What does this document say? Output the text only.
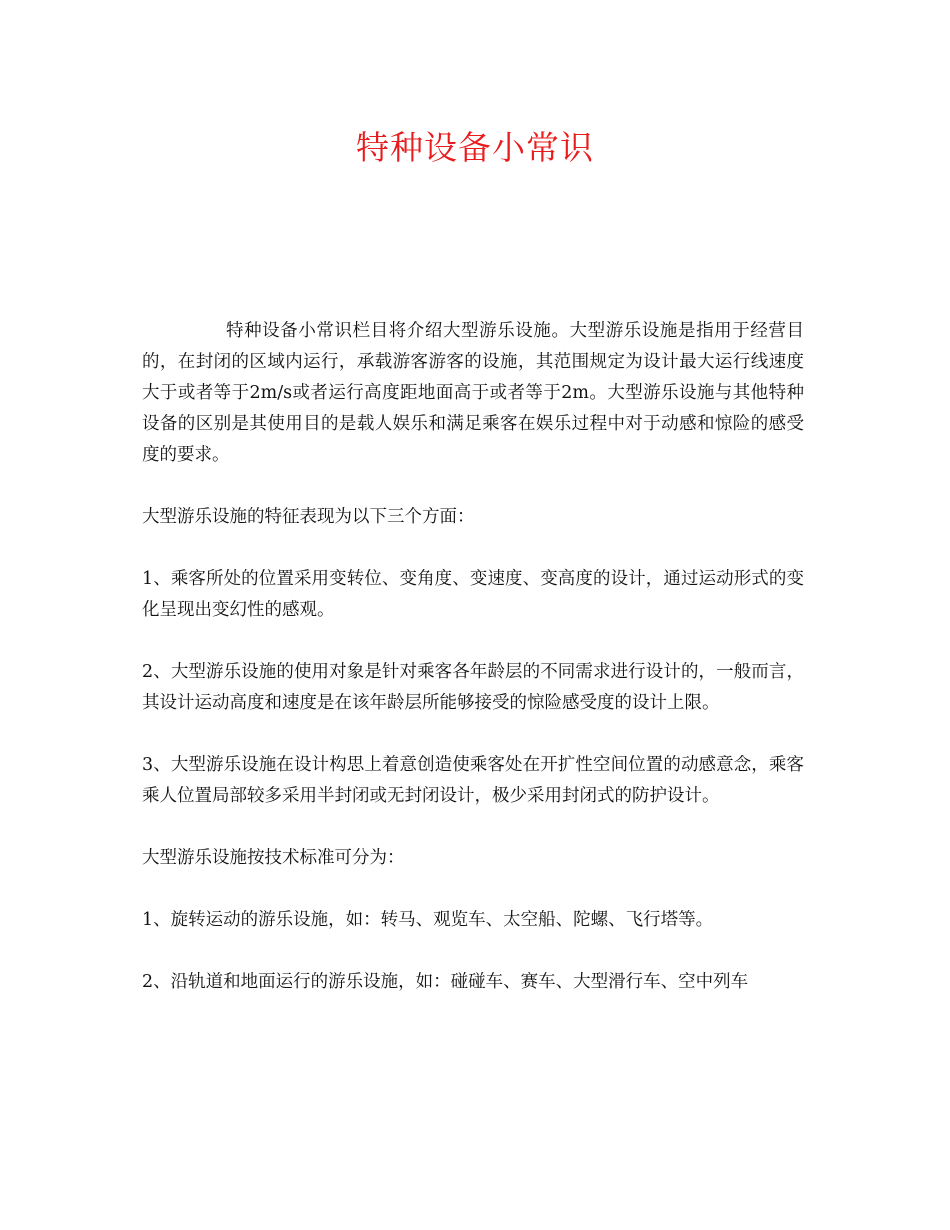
特种设备小常识

特种设备小常识栏目将介绍大型游乐设施。大型游乐设施是指用于经营目的，在封闭的区域内运行，承载游客游客的设施，其范围规定为设计最大运行线速度大于或者等于2m/s或者运行高度距地面高于或者等于2m。大型游乐设施与其他特种设备的区别是其使用目的是载人娱乐和满足乘客在娱乐过程中对于动感和惊险的感受度的要求。

大型游乐设施的特征表现为以下三个方面：

1、乘客所处的位置采用变转位、变角度、变速度、变高度的设计，通过运动形式的变化呈现出变幻性的感观。

2、大型游乐设施的使用对象是针对乘客各年龄层的不同需求进行设计的，一般而言，其设计运动高度和速度是在该年龄层所能够接受的惊险感受度的设计上限。

3、大型游乐设施在设计构思上着意创造使乘客处在开扩性空间位置的动感意念，乘客乘人位置局部较多采用半封闭或无封闭设计，极少采用封闭式的防护设计。

大型游乐设施按技术标准可分为：

1、旋转运动的游乐设施，如：转马、观览车、太空船、陀螺、飞行塔等。

2、沿轨道和地面运行的游乐设施，如：碰碰车、赛车、大型滑行车、空中列车
